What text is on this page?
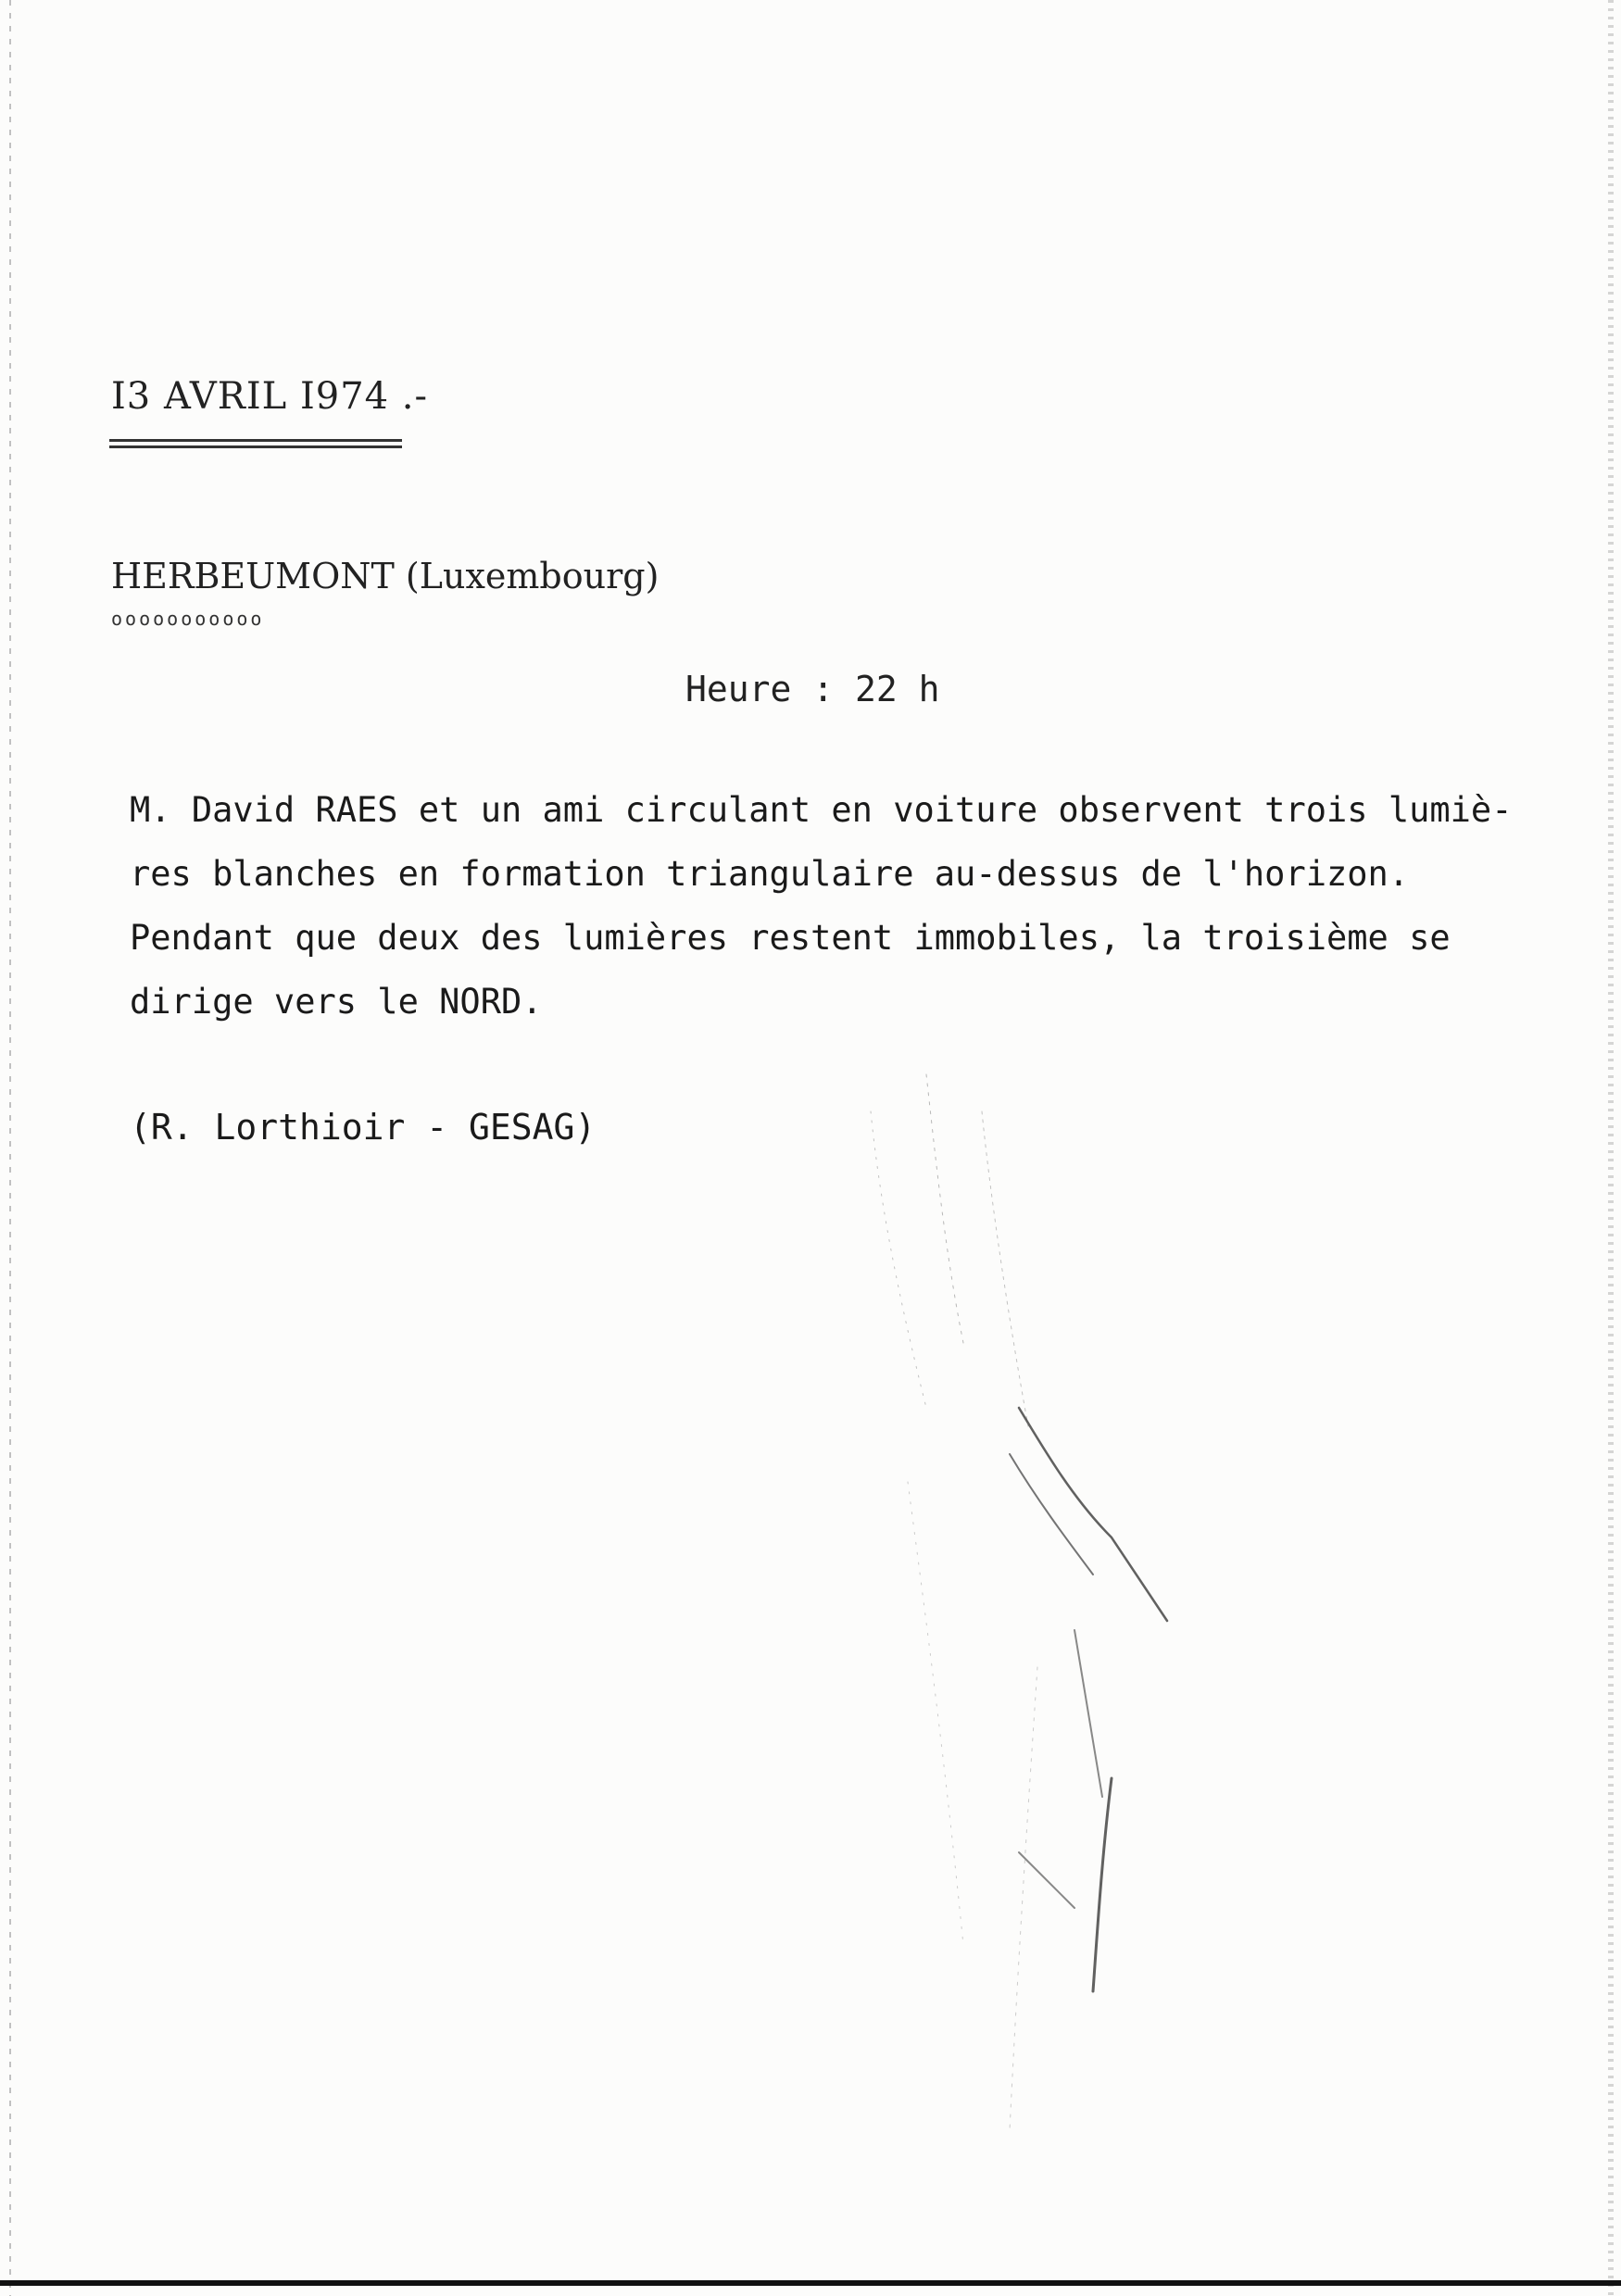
I3 AVRIL I974 .-
HERBEUMONT (Luxembourg)
ooooooooooo
Heure : 22 h
M. David RAES et un ami circulant en voiture observent trois lumiè-
res blanches en formation triangulaire au-dessus de l'horizon.
Pendant que deux des lumières restent immobiles, la troisième se
dirige vers le NORD.
(R. Lorthioir - GESAG)
